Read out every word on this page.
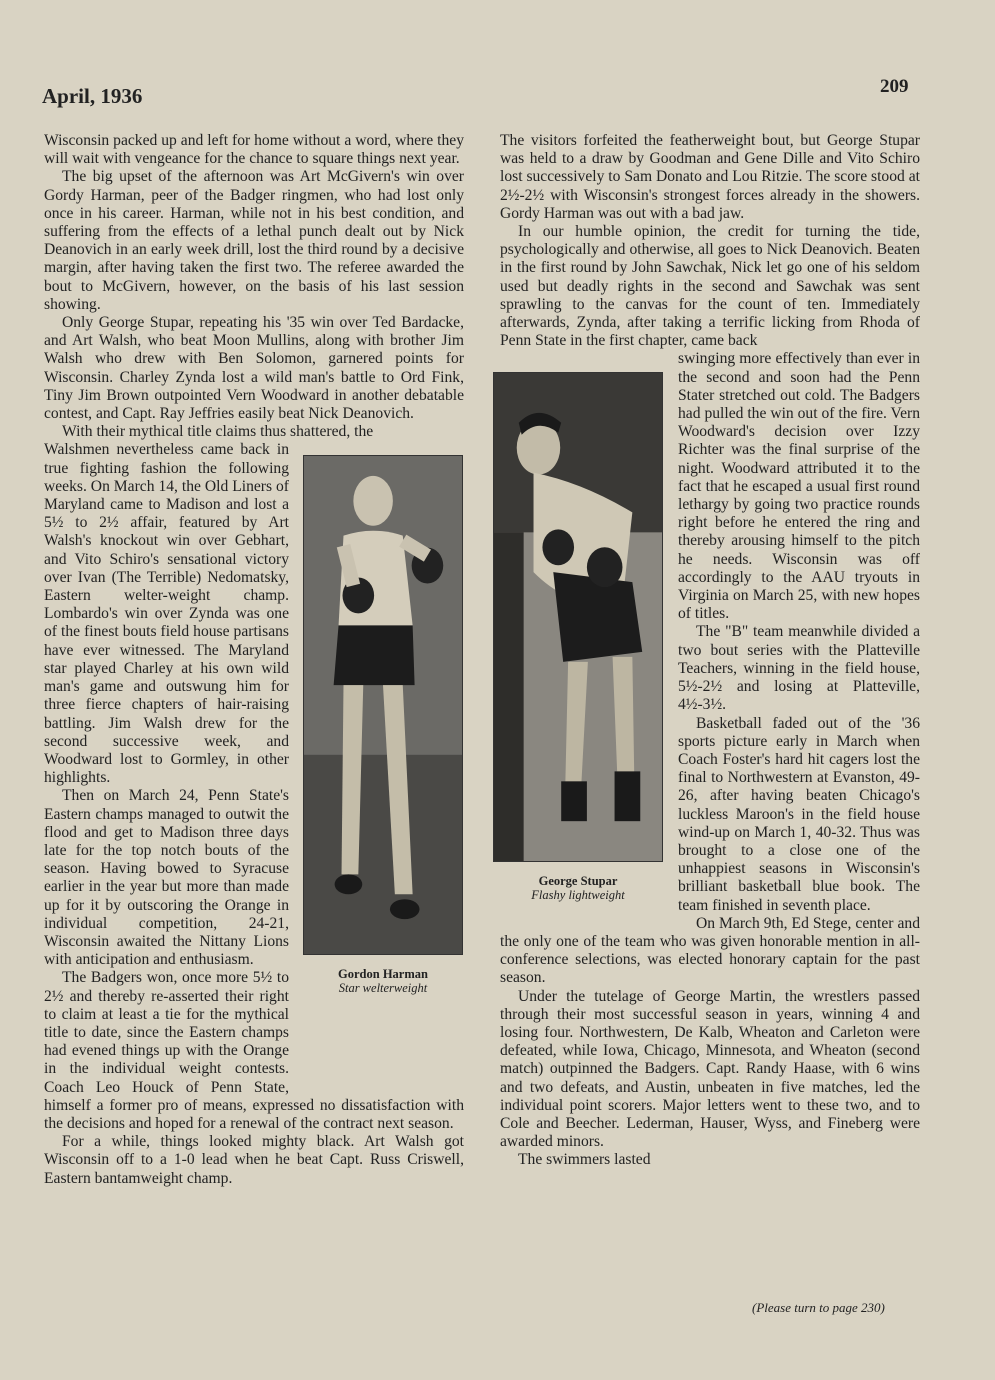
April, 1936	209

Wisconsin packed up and left for home without a word, where they will wait with vengeance for the chance to square things next year.

The big upset of the afternoon was Art McGivern's win over Gordy Harman, peer of the Badger ringmen, who had lost only once in his career. Harman, while not in his best condition, and suffering from the effects of a lethal punch dealt out by Nick Deanovich in an early week drill, lost the third round by a decisive margin, after having taken the first two. The referee awarded the bout to McGivern, however, on the basis of his last session showing.

Only George Stupar, repeating his '35 win over Ted Bardacke, and Art Walsh, who beat Moon Mullins, along with brother Jim Walsh who drew with Ben Solomon, garnered points for Wisconsin. Charley Zynda lost a wild man's battle to Ord Fink, Tiny Jim Brown outpointed Vern Woodward in another debatable contest, and Capt. Ray Jeffries easily beat Nick Deanovich.

With their mythical title claims thus shattered, the

Gordon Harman
Star welterweight

Walshmen nevertheless came back in true fighting fashion the following weeks. On March 14, the Old Liners of Maryland came to Madison and lost a 5½ to 2½ affair, featured by Art Walsh's knockout win over Gebhart, and Vito Schiro's sensational victory over Ivan (The Terrible) Nedomatsky, Eastern welter-weight champ. Lombardo's win over Zynda was one of the finest bouts field house partisans have ever witnessed. The Maryland star played Charley at his own wild man's game and outswung him for three fierce chapters of hair-raising battling. Jim Walsh drew for the second successive week, and Woodward lost to Gormley, in other highlights.

Then on March 24, Penn State's Eastern champs managed to outwit the flood and get to Madison three days late for the top notch bouts of the season. Having bowed to Syracuse earlier in the year but more than made up for it by outscoring the Orange in individual competition, 24-21, Wisconsin awaited the Nittany Lions with anticipation and enthusiasm.

The Badgers won, once more 5½ to 2½ and thereby re-asserted their right to claim at least a tie for the mythical title to date, since the Eastern champs had evened things up with the Orange in the individual weight contests. Coach Leo Houck of Penn State, himself a former pro of means, expressed no dissatisfaction with the decisions and hoped for a renewal of the contract next season.

For a while, things looked mighty black. Art Walsh got Wisconsin off to a 1-0 lead when he beat Capt. Russ Criswell, Eastern bantamweight champ.

The visitors forfeited the featherweight bout, but George Stupar was held to a draw by Goodman and Gene Dille and Vito Schiro lost successively to Sam Donato and Lou Ritzie. The score stood at 2½-2½ with Wisconsin's strongest forces already in the showers. Gordy Harman was out with a bad jaw.

In our humble opinion, the credit for turning the tide, psychologically and otherwise, all goes to Nick Deanovich. Beaten in the first round by John Sawchak, Nick let go one of his seldom used but deadly rights in the second and Sawchak was sent sprawling to the canvas for the count of ten. Immediately afterwards, Zynda, after taking a terrific licking from Rhoda of Penn State in the first chapter, came back

George Stupar
Flashy lightweight

swinging more effectively than ever in the second and soon had the Penn Stater stretched out cold. The Badgers had pulled the win out of the fire. Vern Woodward's decision over Izzy Richter was the final surprise of the night. Woodward attributed it to the fact that he escaped a usual first round lethargy by going two practice rounds right before he entered the ring and thereby arousing himself to the pitch he needs. Wisconsin was off accordingly to the AAU tryouts in Virginia on March 25, with new hopes of titles.

The "B" team meanwhile divided a two bout series with the Platteville Teachers, winning in the field house, 5½-2½ and losing at Platteville, 4½-3½.

Basketball faded out of the '36 sports picture early in March when Coach Foster's hard hit cagers lost the final to Northwestern at Evanston, 49-26, after having beaten Chicago's luckless Maroon's in the field house wind-up on March 1, 40-32. Thus was brought to a close one of the unhappiest seasons in Wisconsin's brilliant basketball blue book. The team finished in seventh place.

On March 9th, Ed Stege, center and the only one of the team who was given honorable mention in all-conference selections, was elected honorary captain for the past season.

Under the tutelage of George Martin, the wrestlers passed through their most successful season in years, winning 4 and losing four. Northwestern, De Kalb, Wheaton and Carleton were defeated, while Iowa, Chicago, Minnesota, and Wheaton (second match) outpinned the Badgers. Capt. Randy Haase, with 6 wins and two defeats, and Austin, unbeaten in five matches, led the individual point scorers. Major letters went to these two, and to Cole and Beecher. Lederman, Hauser, Wyss, and Fineberg were awarded minors.

The swimmers lasted

(Please turn to page 230)
